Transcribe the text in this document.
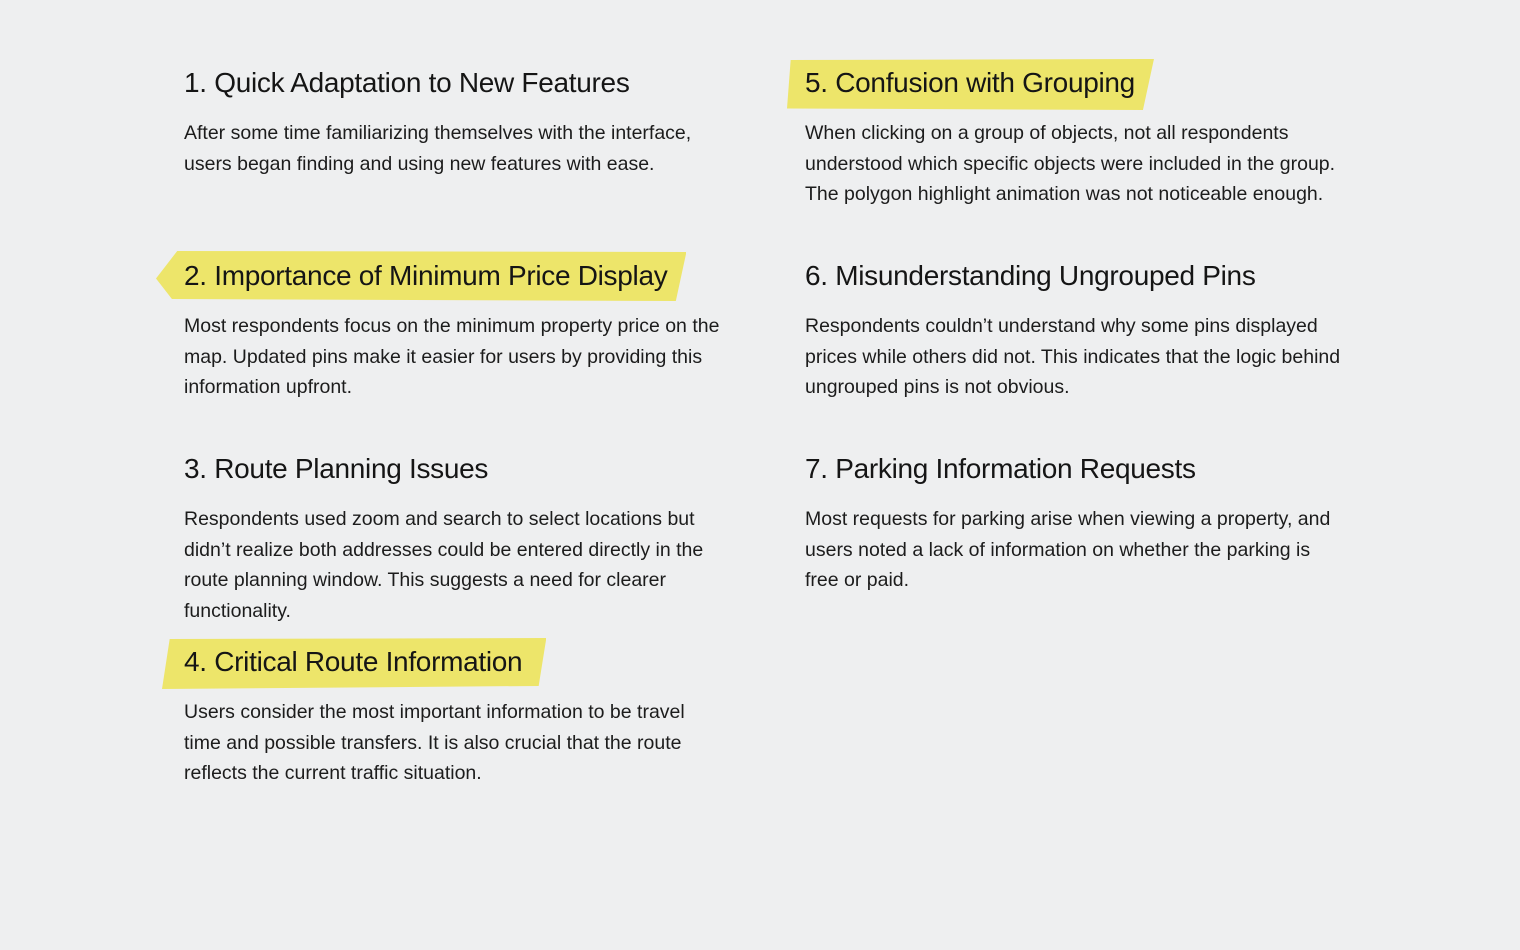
1. Quick Adaptation to New Features

After some time familiarizing themselves with the interface, users began finding and using new features with ease.

2. Importance of Minimum Price Display

Most respondents focus on the minimum property price on the map. Updated pins make it easier for users by providing this information upfront.

3. Route Planning Issues

Respondents used zoom and search to select locations but didn’t realize both addresses could be entered directly in the route planning window. This suggests a need for clearer functionality.

4. Critical Route Information

Users consider the most important information to be travel time and possible transfers. It is also crucial that the route reflects the current traffic situation.

5. Confusion with Grouping

When clicking on a group of objects, not all respondents understood which specific objects were included in the group. The polygon highlight animation was not noticeable enough.

6. Misunderstanding Ungrouped Pins

Respondents couldn’t understand why some pins displayed prices while others did not. This indicates that the logic behind ungrouped pins is not obvious.

7. Parking Information Requests

Most requests for parking arise when viewing a property, and users noted a lack of information on whether the parking is free or paid.
